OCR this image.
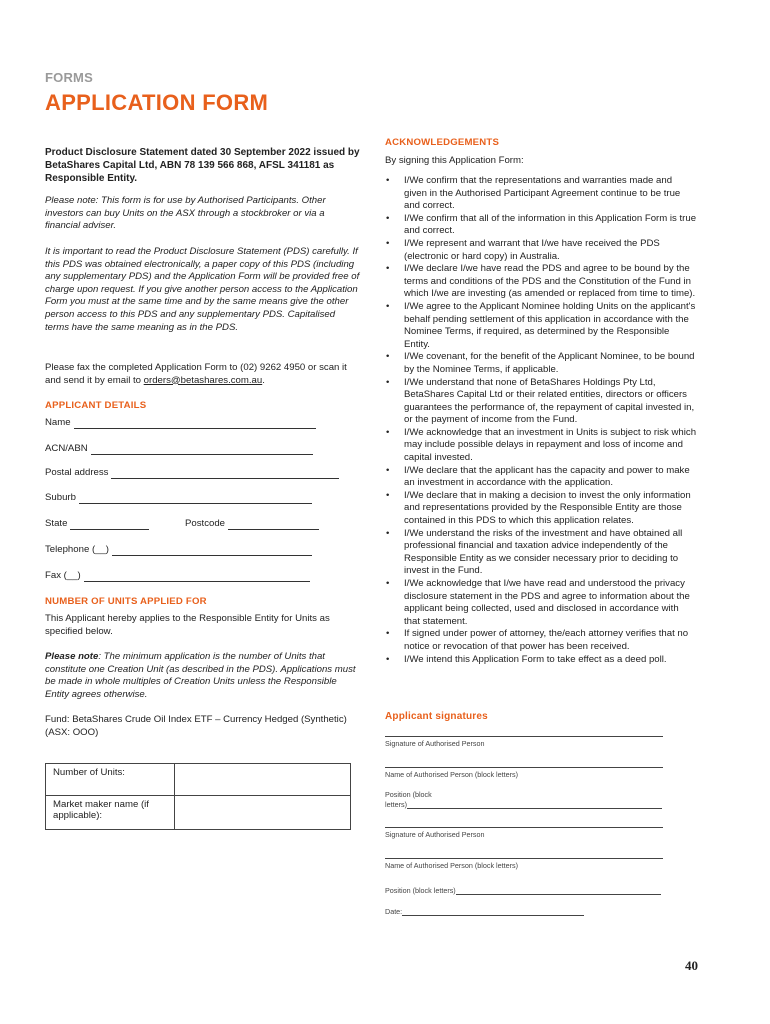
FORMS
APPLICATION FORM
Product Disclosure Statement dated 30 September 2022 issued by BetaShares Capital Ltd, ABN 78 139 566 868, AFSL 341181 as Responsible Entity.
Please note: This form is for use by Authorised Participants. Other investors can buy Units on the ASX through a stockbroker or via a financial adviser.
It is important to read the Product Disclosure Statement (PDS) carefully. If this PDS was obtained electronically, a paper copy of this PDS (including any supplementary PDS) and the Application Form will be provided free of charge upon request. If you give another person access to the Application Form you must at the same time and by the same means give the other person access to this PDS and any supplementary PDS. Capitalised terms have the same meaning as in the PDS.
Please fax the completed Application Form to (02) 9262 4950 or scan it and send it by email to orders@betashares.com.au.
APPLICANT DETAILS
Name
ACN/ABN
Postal address
Suburb
State	Postcode
Telephone (__)
Fax (__)
NUMBER OF UNITS APPLIED FOR
This Applicant hereby applies to the Responsible Entity for Units as specified below.
Please note: The minimum application is the number of Units that constitute one Creation Unit (as described in the PDS). Applications must be made in whole multiples of Creation Units unless the Responsible Entity agrees otherwise.
Fund: BetaShares Crude Oil Index ETF – Currency Hedged (Synthetic) (ASX: OOO)
Number of Units:	
Market maker name (if applicable):	
ACKNOWLEDGEMENTS
By signing this Application Form:
• I/We confirm that the representations and warranties made and given in the Authorised Participant Agreement continue to be true and correct.
• I/We confirm that all of the information in this Application Form is true and correct.
• I/We represent and warrant that I/we have received the PDS (electronic or hard copy) in Australia.
• I/We declare I/we have read the PDS and agree to be bound by the terms and conditions of the PDS and the Constitution of the Fund in which I/we are investing (as amended or replaced from time to time).
• I/We agree to the Applicant Nominee holding Units on the applicant's behalf pending settlement of this application in accordance with the Nominee Terms, if required, as determined by the Responsible Entity.
• I/We covenant, for the benefit of the Applicant Nominee, to be bound by the Nominee Terms, if applicable.
• I/We understand that none of BetaShares Holdings Pty Ltd, BetaShares Capital Ltd or their related entities, directors or officers guarantees the performance of, the repayment of capital invested in, or the payment of income from the Fund.
• I/We acknowledge that an investment in Units is subject to risk which may include possible delays in repayment and loss of income and capital invested.
• I/We declare that the applicant has the capacity and power to make an investment in accordance with the application.
• I/We declare that in making a decision to invest the only information and representations provided by the Responsible Entity are those contained in this PDS to which this application relates.
• I/We understand the risks of the investment and have obtained all professional financial and taxation advice independently of the Responsible Entity as we consider necessary prior to deciding to invest in the Fund.
• I/We acknowledge that I/we have read and understood the privacy disclosure statement in the PDS and agree to information about the applicant being collected, used and disclosed in accordance with that statement.
• If signed under power of attorney, the/each attorney verifies that no notice or revocation of that power has been received.
• I/We intend this Application Form to take effect as a deed poll.
Applicant signatures
Signature of Authorised Person
Name of Authorised Person (block letters)
Position (block
letters)
Signature of Authorised Person
Name of Authorised Person (block letters)
Position (block letters)
Date:
40
